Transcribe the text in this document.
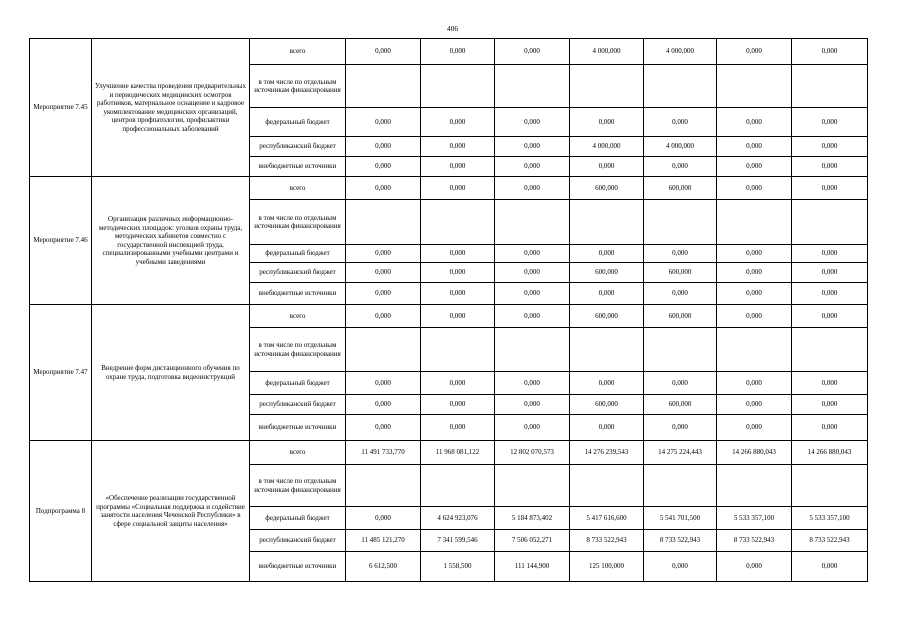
406
Мероприятие 7.45	Улучшение качества проведения предварительных и периодических медицинских осмотров работников, материальное оснащение и кадровое укомплектование медицинских организаций, центров профпатологии, профилактики профессиональных заболеваний	всего	0,000	0,000	0,000	4 000,000	4 000,000	0,000	0,000
		в том числе по отдельным источникам финансирования							
		федеральный бюджет	0,000	0,000	0,000	0,000	0,000	0,000	0,000
		республиканский бюджет	0,000	0,000	0,000	4 000,000	4 000,000	0,000	0,000
		внебюджетные источники	0,000	0,000	0,000	0,000	0,000	0,000	0,000
Мероприятие 7.46	Организация различных информационно-методических площадок: уголков охраны труда, методических кабинетов совместно с государственной инспекцией труда, специализированными учебными центрами и учебными заведениями	всего	0,000	0,000	0,000	600,000	600,000	0,000	0,000
		в том числе по отдельным источникам финансирования							
		федеральный бюджет	0,000	0,000	0,000	0,000	0,000	0,000	0,000
		республиканский бюджет	0,000	0,000	0,000	600,000	600,000	0,000	0,000
		внебюджетные источники	0,000	0,000	0,000	0,000	0,000	0,000	0,000
Мероприятие 7.47	Внедрение форм дистанционного обучения по охране труда, подготовка видеоинструкций	всего	0,000	0,000	0,000	600,000	600,000	0,000	0,000
		в том числе по отдельным источникам финансирования							
		федеральный бюджет	0,000	0,000	0,000	0,000	0,000	0,000	0,000
		республиканский бюджет	0,000	0,000	0,000	600,000	600,000	0,000	0,000
		внебюджетные источники	0,000	0,000	0,000	0,000	0,000	0,000	0,000
Подпрограмма 8	«Обеспечение реализации государственной программы «Социальная поддержка и содействие занятости населения Чеченской Республики» в сфере социальной защиты населения»	всего	11 491 733,770	11 968 081,122	12 802 070,573	14 276 239,543	14 275 224,443	14 266 880,043	14 266 880,043
		в том числе по отдельным источникам финансирования							
		федеральный бюджет	0,000	4 624 923,076	5 184 873,402	5 417 616,600	5 541 701,500	5 533 357,100	5 533 357,100
		республиканский бюджет	11 485 121,270	7 341 599,546	7 506 052,271	8 733 522,943	8 733 522,943	8 733 522,943	8 733 522,943
		внебюджетные источники	6 612,500	1 558,500	111 144,900	125 100,000	0,000	0,000	0,000
